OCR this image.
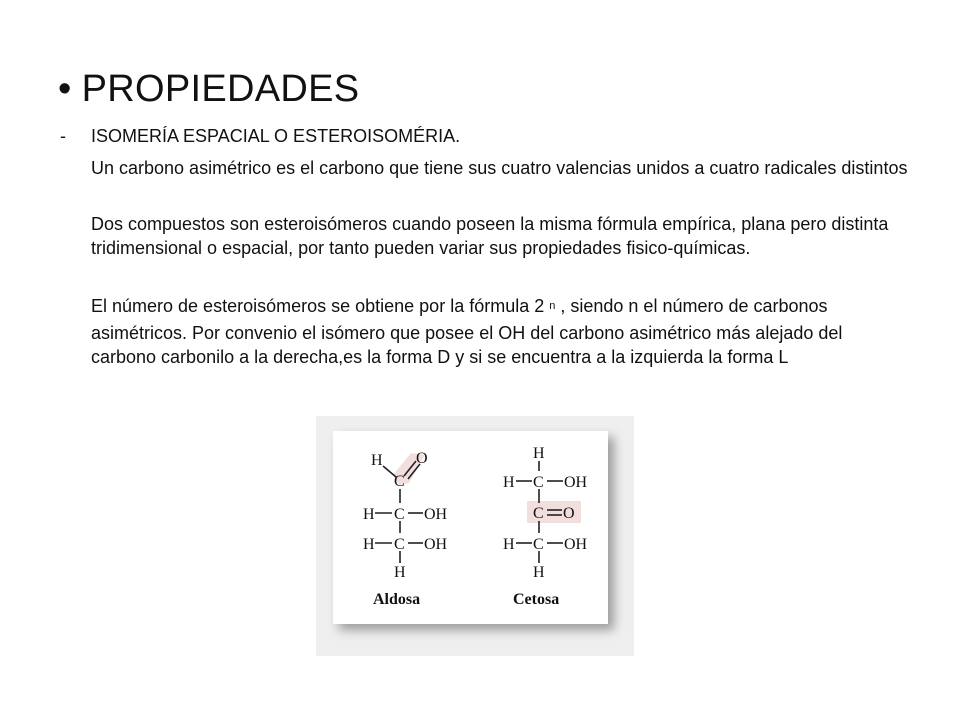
• PROPIEDADES
- ISOMERÍA ESPACIAL O ESTEROISOMÉRIA.
Un carbono asimétrico es el carbono que tiene sus cuatro valencias unidos a cuatro radicales distintos
Dos compuestos son esteroisómeros cuando poseen la misma fórmula empírica, plana pero distinta tridimensional o espacial, por tanto pueden variar sus propiedades fisico-químicas.
El número de esteroisómeros se obtiene por la fórmula 2 $^n$ , siendo n el número de carbonos asimétricos. Por convenio el isómero que posee el OH del carbono asimétrico más alejado del carbono carbonilo a la derecha,es la forma D y si se encuentra a la izquierda la forma L
H O
C
H C OH
H C OH
H
Aldosa
H
H C OH
C O
H C OH
H
Cetosa
